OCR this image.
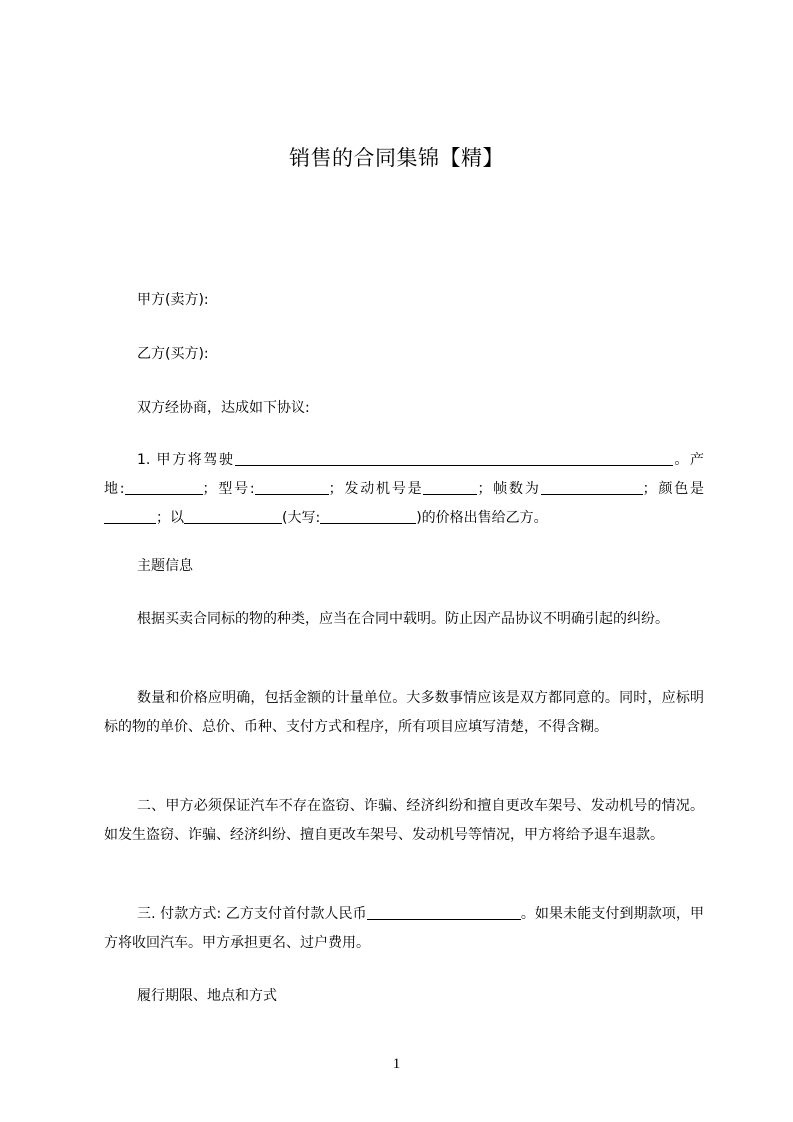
销售的合同集锦【精】

甲方(卖方):

乙方(买方):

双方经协商，达成如下协议:

1. 甲方将驾驶	。产地:	；型号:	；发动机号是	；帧数为	；颜色是；以	(大写:	)的价格出售给乙方。

主题信息

根据买卖合同标的物的种类，应当在合同中载明。防止因产品协议不明确引起的纠纷。

数量和价格应明确，包括金额的计量单位。大多数事情应该是双方都同意的。同时，应标明标的物的单价、总价、币种、支付方式和程序，所有项目应填写清楚，不得含糊。

二、甲方必须保证汽车不存在盗窃、诈骗、经济纠纷和擅自更改车架号、发动机号的情况。如发生盗窃、诈骗、经济纠纷、擅自更改车架号、发动机号等情况，甲方将给予退车退款。

三. 付款方式: 乙方支付首付款人民币	。如果未能支付到期款项，甲方将收回汽车。甲方承担更名、过户费用。

履行期限、地点和方式

1
